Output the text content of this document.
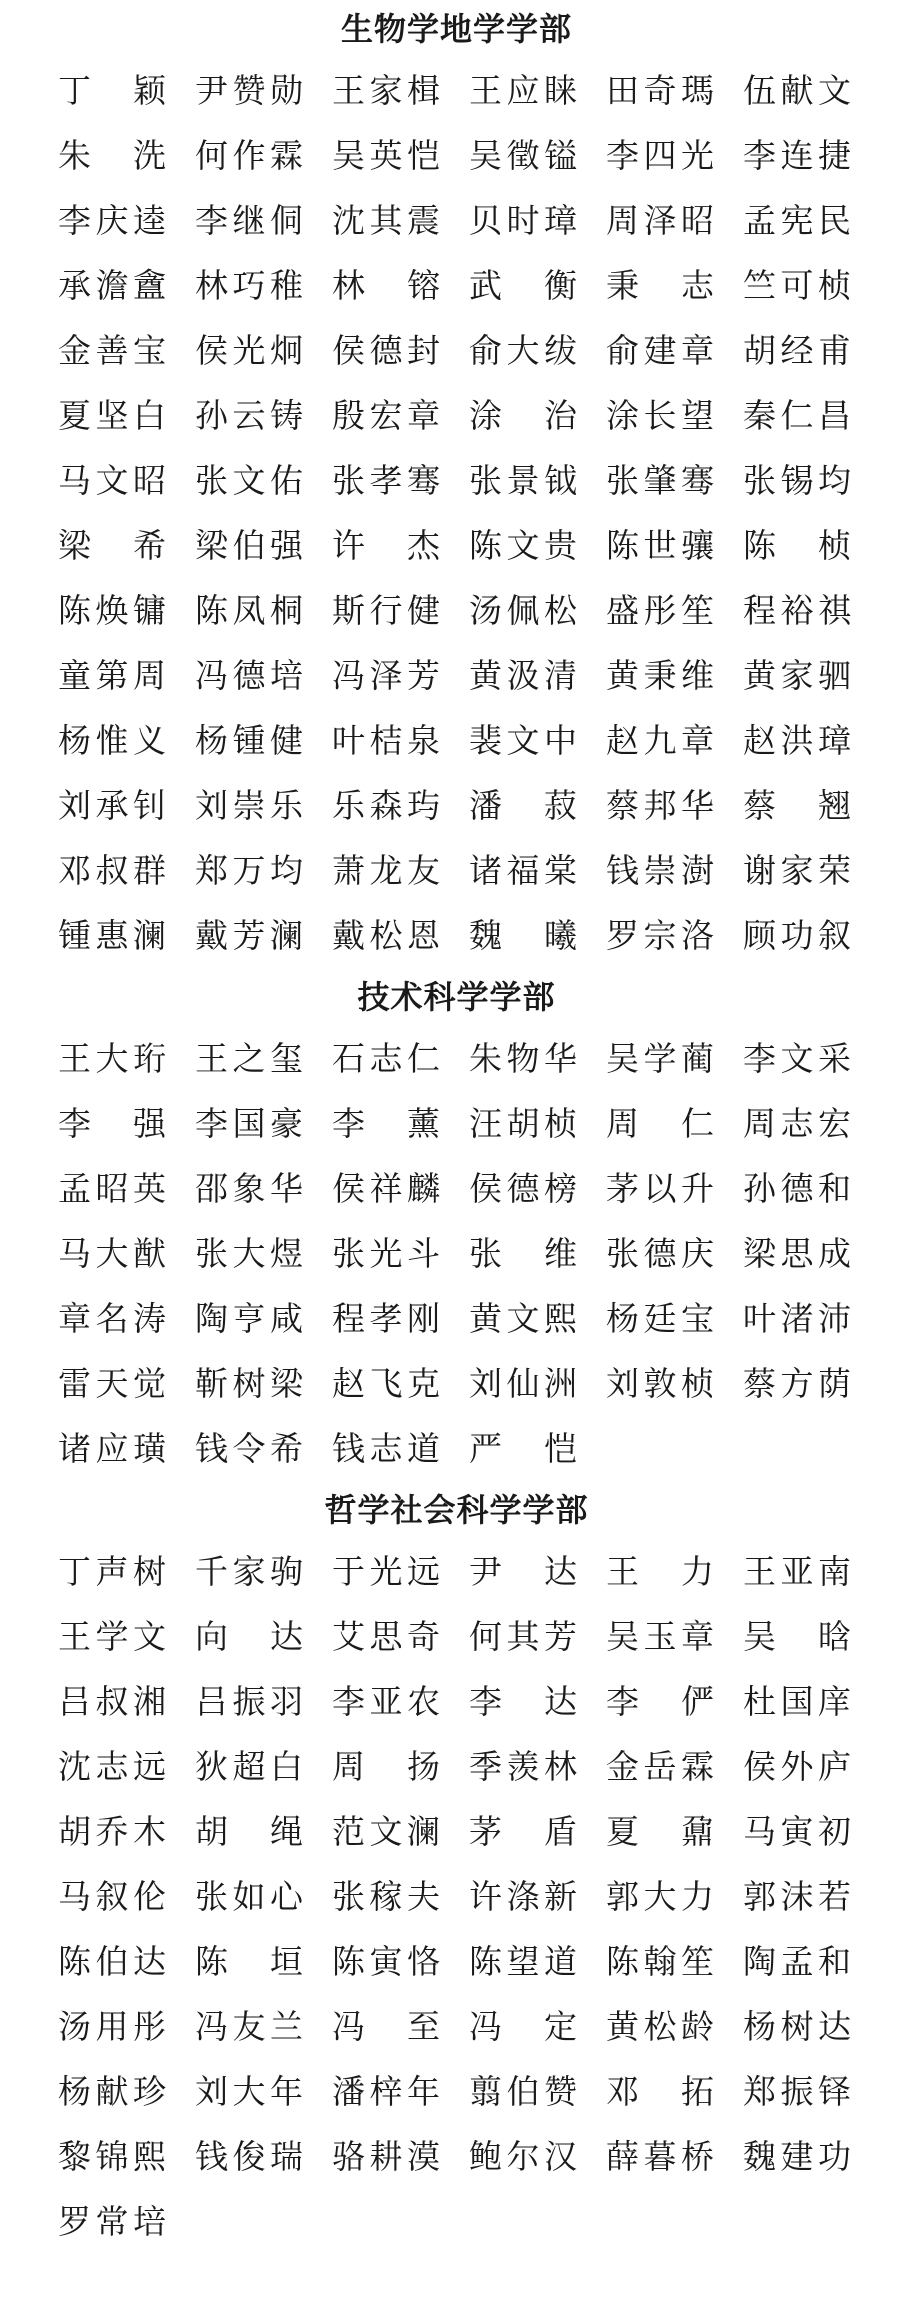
生物学地学学部
丁　颖 尹赞勋 王家楫 王应睐 田奇瑪 伍献文
朱　洗 何作霖 吴英恺 吴徵镒 李四光 李连捷
李庆逵 李继侗 沈其震 贝时璋 周泽昭 孟宪民
承澹盦 林巧稚 林　镕 武　衡 秉　志 竺可桢
金善宝 侯光炯 侯德封 俞大绂 俞建章 胡经甫
夏坚白 孙云铸 殷宏章 涂　治 涂长望 秦仁昌
马文昭 张文佑 张孝骞 张景钺 张肇骞 张锡均
梁　希 梁伯强 许　杰 陈文贵 陈世骧 陈　桢
陈焕镛 陈凤桐 斯行健 汤佩松 盛彤笙 程裕祺
童第周 冯德培 冯泽芳 黄汲清 黄秉维 黄家驷
杨惟义 杨锺健 叶桔泉 裴文中 赵九章 赵洪璋
刘承钊 刘崇乐 乐森玙 潘　菽 蔡邦华 蔡　翘
邓叔群 郑万均 萧龙友 诸福棠 钱崇澍 谢家荣
锺惠澜 戴芳澜 戴松恩 魏　曦 罗宗洛 顾功叙
技术科学学部
王大珩 王之玺 石志仁 朱物华 吴学蔺 李文采
李　强 李国豪 李　薰 汪胡桢 周　仁 周志宏
孟昭英 邵象华 侯祥麟 侯德榜 茅以升 孙德和
马大猷 张大煜 张光斗 张　维 张德庆 梁思成
章名涛 陶亨咸 程孝刚 黄文熙 杨廷宝 叶渚沛
雷天觉 靳树梁 赵飞克 刘仙洲 刘敦桢 蔡方荫
诸应璜 钱令希 钱志道 严　恺
哲学社会科学学部
丁声树 千家驹 于光远 尹　达 王　力 王亚南
王学文 向　达 艾思奇 何其芳 吴玉章 吴　晗
吕叔湘 吕振羽 李亚农 李　达 李　俨 杜国庠
沈志远 狄超白 周　扬 季羡林 金岳霖 侯外庐
胡乔木 胡　绳 范文澜 茅　盾 夏　鼐 马寅初
马叙伦 张如心 张稼夫 许涤新 郭大力 郭沫若
陈伯达 陈　垣 陈寅恪 陈望道 陈翰笙 陶孟和
汤用彤 冯友兰 冯　至 冯　定 黄松龄 杨树达
杨献珍 刘大年 潘梓年 翦伯赞 邓　拓 郑振铎
黎锦熙 钱俊瑞 骆耕漠 鲍尔汉 薛暮桥 魏建功
罗常培
